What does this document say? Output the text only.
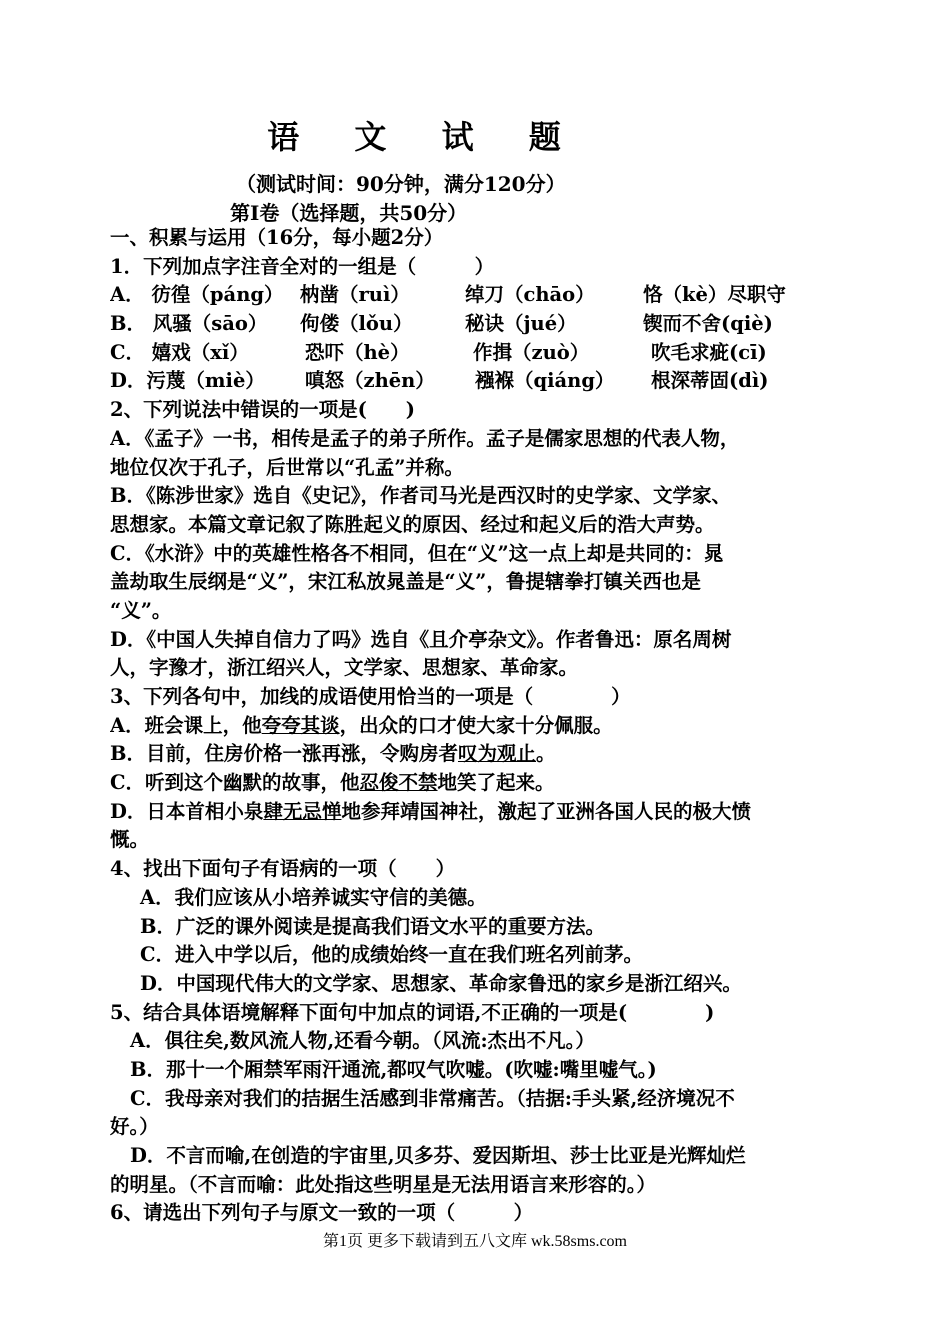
语 文 试 题
（测试时间：90分钟，满分120分）
第Ⅰ卷（选择题，共50分）
一、积累与运用（16分，每小题2分）
1．下列加点字注音全对的一组是（　　　）
A． 彷徨（páng） 枘凿（ruì）	绰刀（chāo）	恪（kè）尽职守
B． 风骚（sāo）	佝偻（lǒu）	秘诀（jué）	锲而不舍(qiè)
C． 嬉戏（xǐ）	恐吓（hè）	作揖（zuò）	吹毛求疵(cī)
D．污蔑（miè）	嗔怒（zhēn）	襁褓（qiáng）	根深蒂固(dì)
2、下列说法中错误的一项是(　　)
A．《孟子》一书，相传是孟子的弟子所作。孟子是儒家思想的代表人物，
地位仅次于孔子，后世常以“孔孟”并称。
B．《陈涉世家》选自《史记》，作者司马光是西汉时的史学家、文学家、
思想家。本篇文章记叙了陈胜起义的原因、经过和起义后的浩大声势。
C．《水浒》中的英雄性格各不相同，但在“义”这一点上却是共同的：晁
盖劫取生辰纲是“义”，宋江私放晁盖是“义”，鲁提辖拳打镇关西也是
“义”。
D．《中国人失掉自信力了吗》选自《且介亭杂文》。作者鲁迅：原名周树
人，字豫才，浙江绍兴人，文学家、思想家、革命家。
3、下列各句中，加线的成语使用恰当的一项是（　　　　）
A．班会课上，他夸夸其谈，出众的口才使大家十分佩服。
B．目前，住房价格一涨再涨，令购房者叹为观止。
C．听到这个幽默的故事，他忍俊不禁地笑了起来。
D．日本首相小泉肆无忌惮地参拜靖国神社，激起了亚洲各国人民的极大愤
慨。
4、找出下面句子有语病的一项（　　）
A．我们应该从小培养诚实守信的美德。
B．广泛的课外阅读是提高我们语文水平的重要方法。
C．进入中学以后，他的成绩始终一直在我们班名列前茅。
D．中国现代伟大的文学家、思想家、革命家鲁迅的家乡是浙江绍兴。
5、结合具体语境解释下面句中加点的词语,不正确的一项是(　　　　)
A．俱往矣,数风流人物,还看今朝。（风流:杰出不凡。）
B．那十一个厢禁军雨汗通流,都叹气吹嘘。(吹嘘:嘴里嘘气。)
C．我母亲对我们的拮据生活感到非常痛苦。（拮据:手头紧,经济境况不
好。）
D．不言而喻,在创造的宇宙里,贝多芬、爱因斯坦、莎士比亚是光辉灿烂
的明星。（不言而喻：此处指这些明星是无法用语言来形容的。）
6、请选出下列句子与原文一致的一项（　　　）
第1页 更多下载请到五八文库 wk.58sms.com
